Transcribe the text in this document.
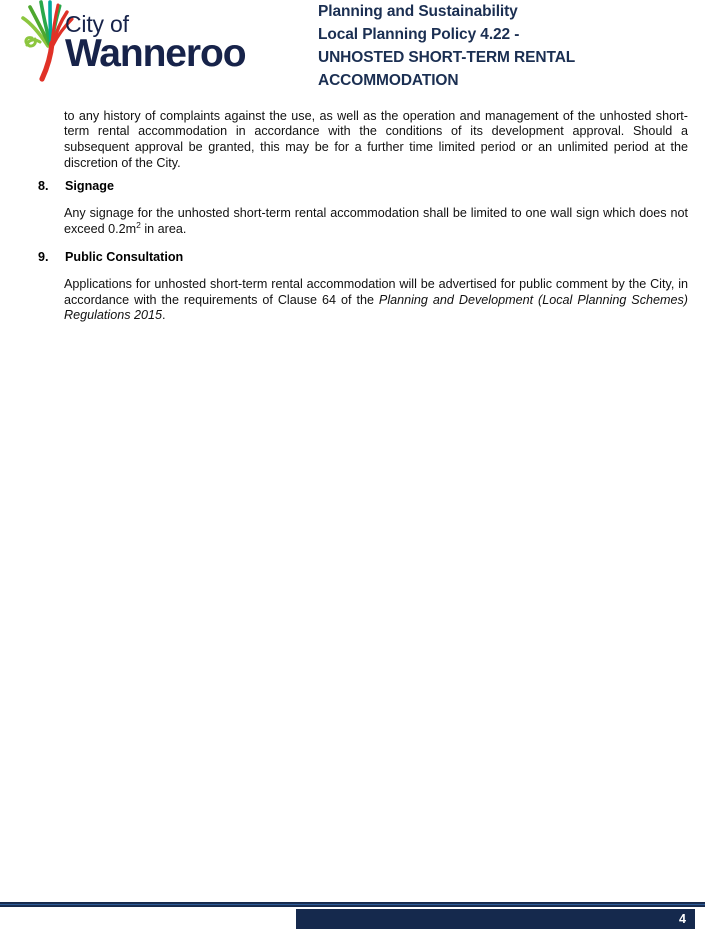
City of
Wanneroo
Planning and Sustainability
Local Planning Policy 4.22 -
UNHOSTED SHORT-TERM RENTAL
ACCOMMODATION

to any history of complaints against the use, as well as the operation and management of the unhosted short-term rental accommodation in accordance with the conditions of its development approval. Should a subsequent approval be granted, this may be for a further time limited period or an unlimited period at the discretion of the City.

8. Signage
Any signage for the unhosted short-term rental accommodation shall be limited to one wall sign which does not exceed $0.2m^2$ in area.
9. Public Consultation
Applications for unhosted short-term rental accommodation will be advertised for public comment by the City, in accordance with the requirements of Clause 64 of the Planning and Development (Local Planning Schemes) Regulations 2015.
4
